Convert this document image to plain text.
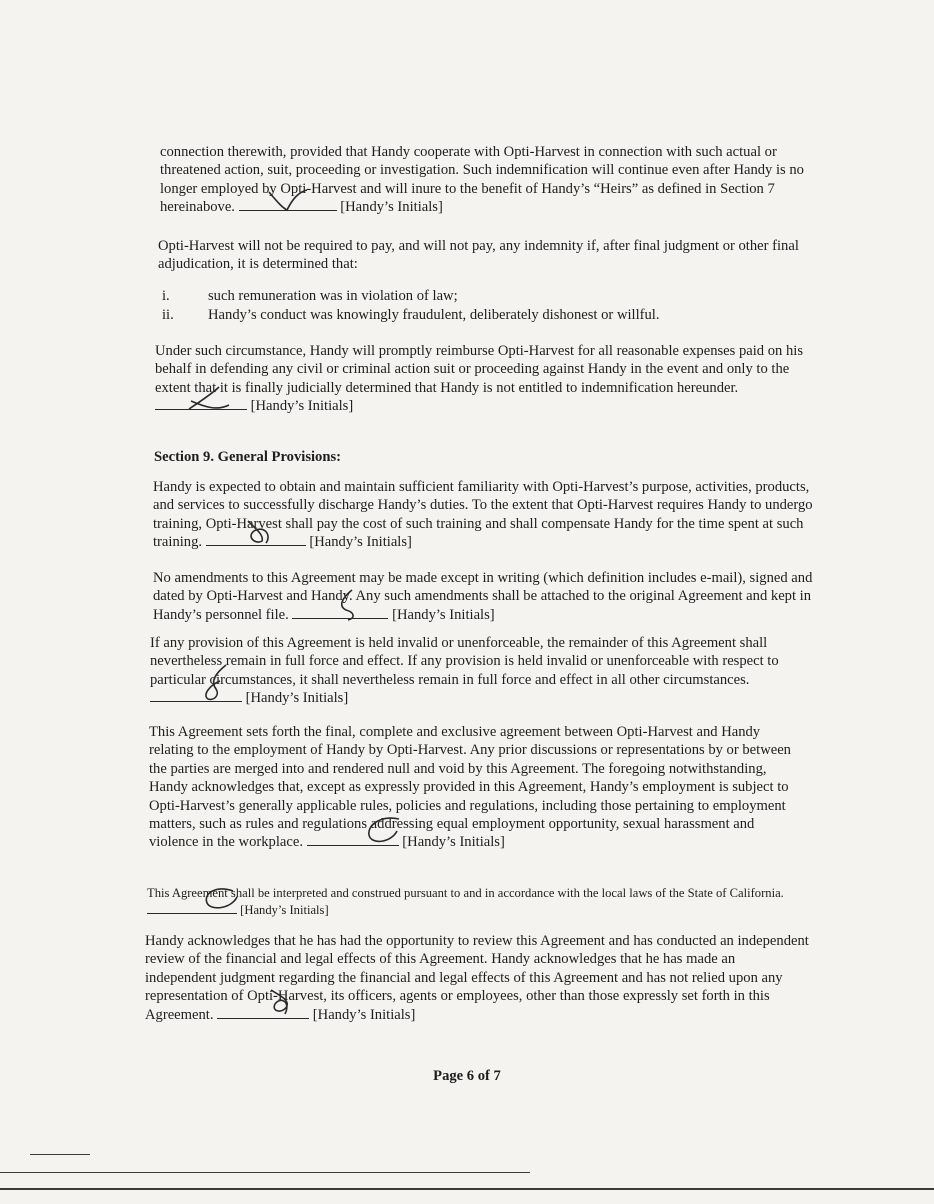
connection therewith, provided that Handy cooperate with Opti-Harvest in connection with such actual or threatened action, suit, proceeding or investigation. Such indemnification will continue even after Handy is no longer employed by Opti-Harvest and will inure to the benefit of Handy’s “Heirs” as defined in Section 7 hereinabove.	[Handy’s Initials]

Opti-Harvest will not be required to pay, and will not pay, any indemnity if, after final judgment or other final adjudication, it is determined that:

i.	such remuneration was in violation of law;
ii.	Handy’s conduct was knowingly fraudulent, deliberately dishonest or willful.

Under such circumstance, Handy will promptly reimburse Opti-Harvest for all reasonable expenses paid on his behalf in defending any civil or criminal action suit or proceeding against Handy in the event and only to the extent that it is finally judicially determined that Handy is not entitled to indemnification hereunder.
[Handy’s Initials]

Section 9. General Provisions:

Handy is expected to obtain and maintain sufficient familiarity with Opti-Harvest’s purpose, activities, products, and services to successfully discharge Handy’s duties. To the extent that Opti-Harvest requires Handy to undergo training, Opti-Harvest shall pay the cost of such training and shall compensate Handy for the time spent at such training.	[Handy’s Initials]

No amendments to this Agreement may be made except in writing (which definition includes e-mail), signed and dated by Opti-Harvest and Handy. Any such amendments shall be attached to the original Agreement and kept in Handy’s personnel file.	[Handy’s Initials]

If any provision of this Agreement is held invalid or unenforceable, the remainder of this Agreement shall nevertheless remain in full force and effect. If any provision is held invalid or unenforceable with respect to particular circumstances, it shall nevertheless remain in full force and effect in all other circumstances.
[Handy’s Initials]

This Agreement sets forth the final, complete and exclusive agreement between Opti-Harvest and Handy relating to the employment of Handy by Opti-Harvest. Any prior discussions or representations by or between the parties are merged into and rendered null and void by this Agreement. The foregoing notwithstanding, Handy acknowledges that, except as expressly provided in this Agreement, Handy’s employment is subject to Opti-Harvest’s generally applicable rules, policies and regulations, including those pertaining to employment matters, such as rules and regulations addressing equal employment opportunity, sexual harassment and violence in the workplace.	[Handy’s Initials]

This Agreement shall be interpreted and construed pursuant to and in accordance with the local laws of the State of California.
[Handy’s Initials]

Handy acknowledges that he has had the opportunity to review this Agreement and has conducted an independent review of the financial and legal effects of this Agreement. Handy acknowledges that he has made an independent judgment regarding the financial and legal effects of this Agreement and has not relied upon any representation of Opti-Harvest, its officers, agents or employees, other than those expressly set forth in this Agreement.	[Handy’s Initials]

Page 6 of 7
